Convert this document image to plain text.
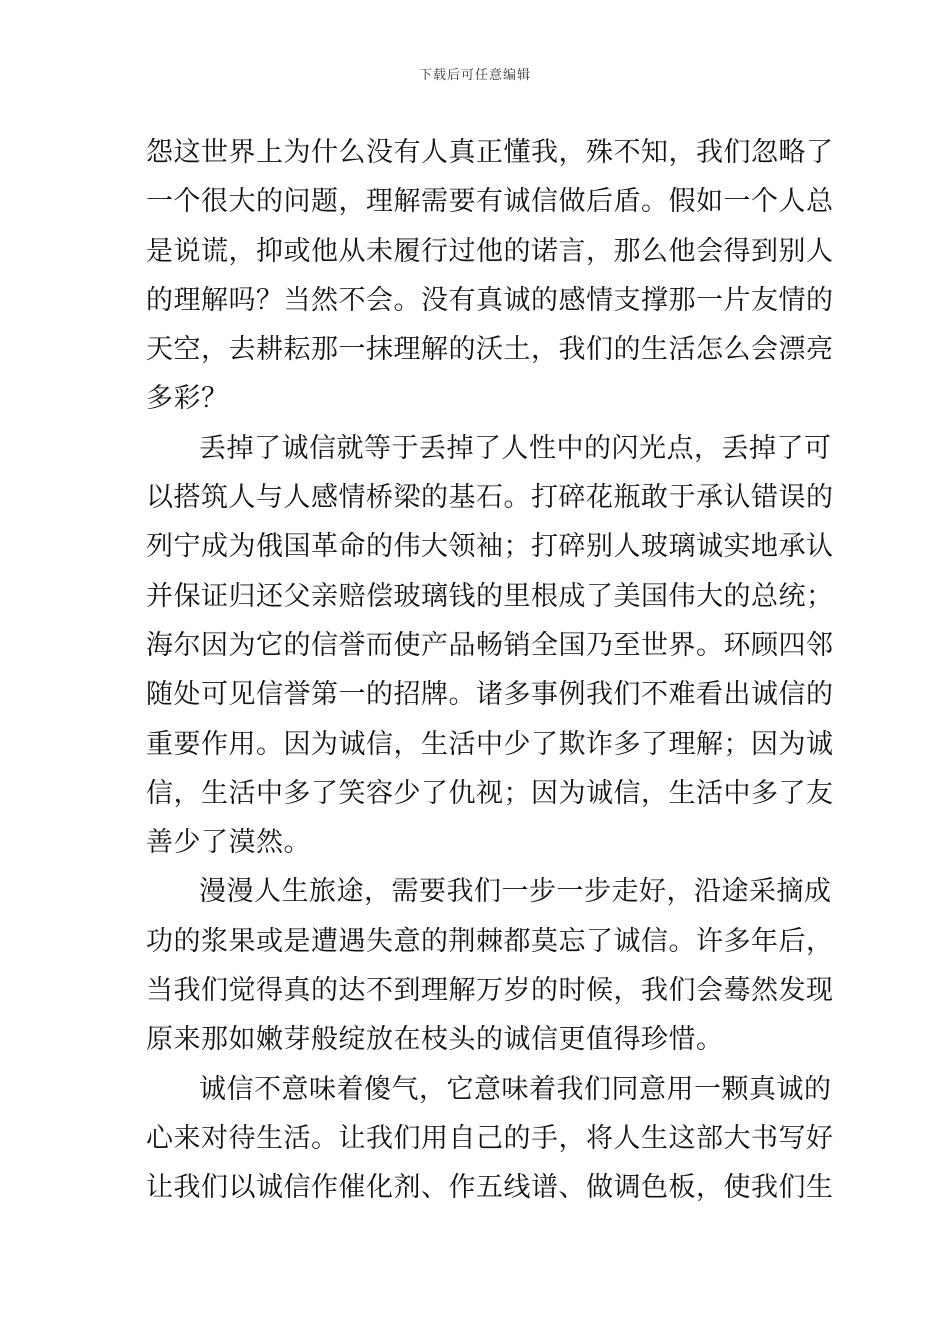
下载后可任意编辑
怨这世界上为什么没有人真正懂我，殊不知，我们忽略了
一个很大的问题，理解需要有诚信做后盾。假如一个人总
是说谎，抑或他从未履行过他的诺言，那么他会得到别人
的理解吗？当然不会。没有真诚的感情支撑那一片友情的
天空，去耕耘那一抹理解的沃土，我们的生活怎么会漂亮
多彩？
丢掉了诚信就等于丢掉了人性中的闪光点，丢掉了可
以搭筑人与人感情桥梁的基石。打碎花瓶敢于承认错误的
列宁成为俄国革命的伟大领袖；打碎别人玻璃诚实地承认
并保证归还父亲赔偿玻璃钱的里根成了美国伟大的总统；
海尔因为它的信誉而使产品畅销全国乃至世界。环顾四邻
随处可见信誉第一的招牌。诸多事例我们不难看出诚信的
重要作用。因为诚信，生活中少了欺诈多了理解；因为诚
信，生活中多了笑容少了仇视；因为诚信，生活中多了友
善少了漠然。
漫漫人生旅途，需要我们一步一步走好，沿途采摘成
功的浆果或是遭遇失意的荆棘都莫忘了诚信。许多年后，
当我们觉得真的达不到理解万岁的时候，我们会蓦然发现
原来那如嫩芽般绽放在枝头的诚信更值得珍惜。
诚信不意味着傻气，它意味着我们同意用一颗真诚的
心来对待生活。让我们用自己的手，将人生这部大书写好
让我们以诚信作催化剂、作五线谱、做调色板，使我们生
